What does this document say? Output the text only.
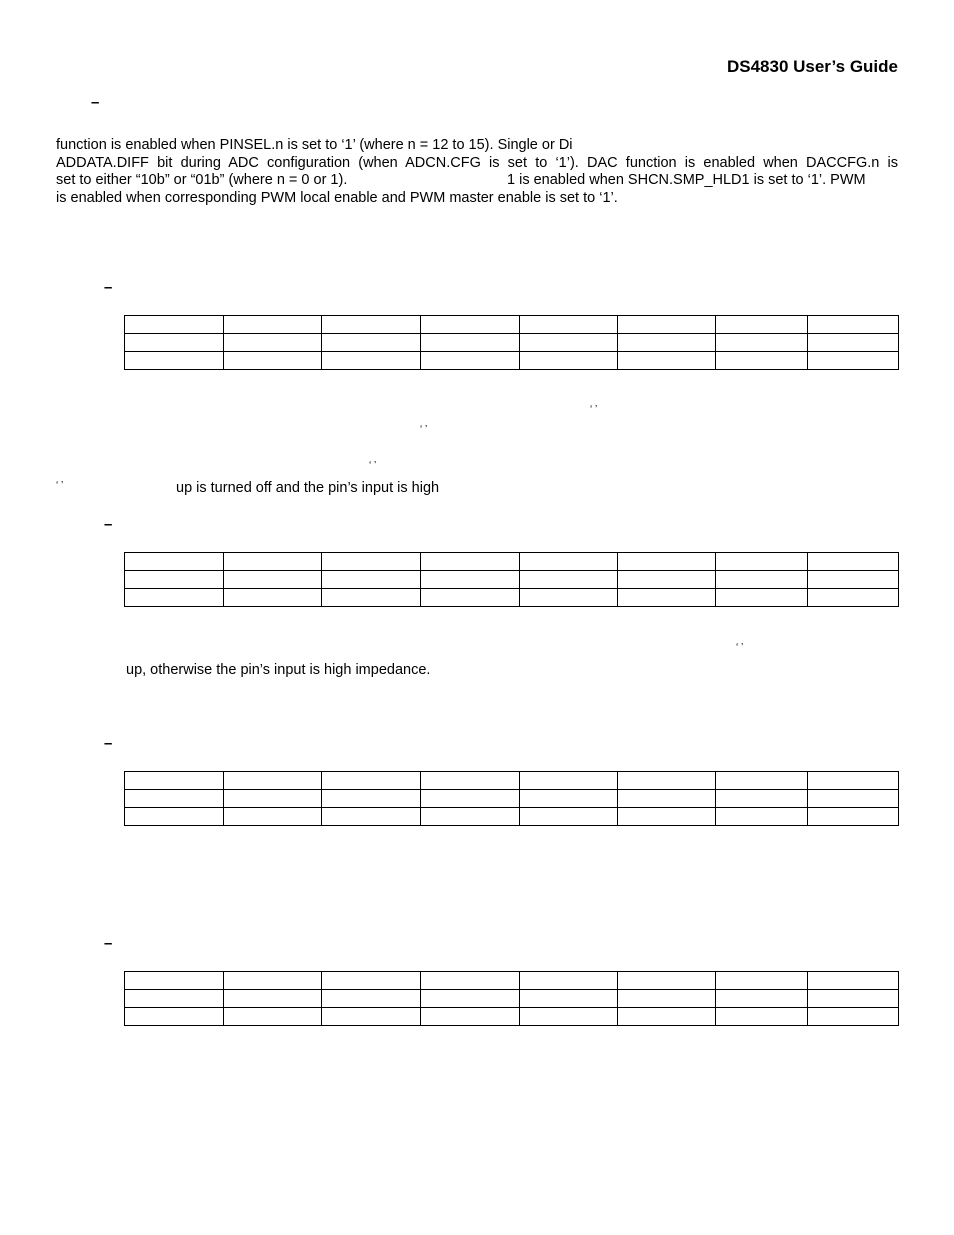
DS4830 User’s Guide
–
function is enabled when PINSEL.n is set to ‘1’ (where n = 12 to 15). Single or Di
ADDATA.DIFF bit during ADC configuration (when ADCN.CFG is set to ‘1’). DAC function is enabled when DACCFG.n is
set to either “10b” or “01b” (where n = 0 or 1).	1 is enabled when SHCN.SMP_HLD1 is set to ‘1’. PWM
is enabled when corresponding PWM local enable and PWM master enable is set to ‘1’.
–

‘ ’
‘ ’
‘ ’
‘ ’	up is turned off and the pin’s input is high
–

‘ ’
up, otherwise the pin’s input is high impedance.
–

–
